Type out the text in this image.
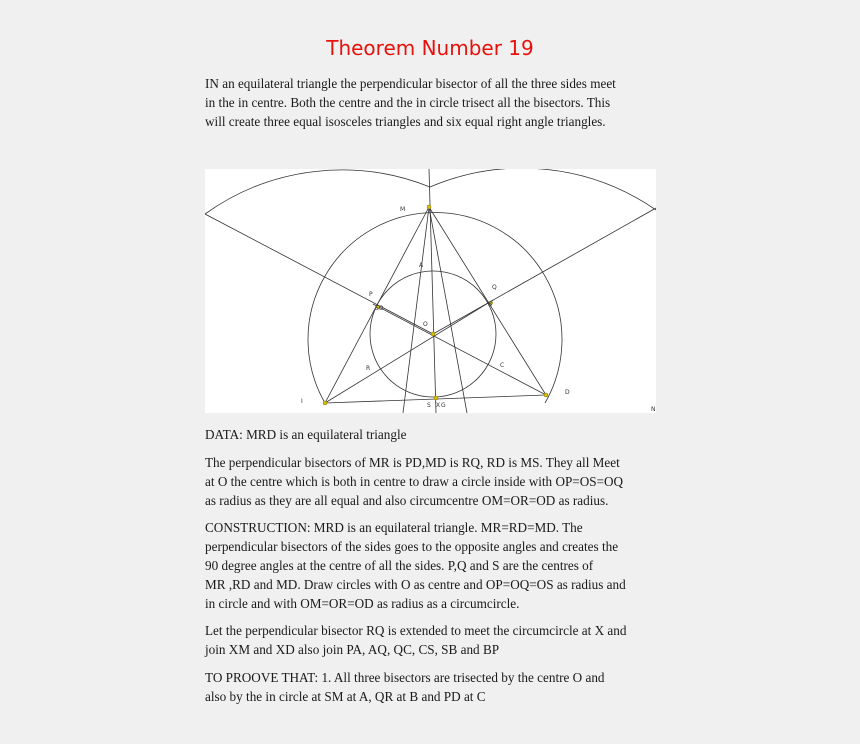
Theorem Number 19

IN an equilateral triangle the perpendicular bisector of all the three sides meet
in the in centre. Both the centre and the in circle trisect all the bisectors. This
will create three equal isosceles triangles and six equal right angle triangles.

M
A
Q
B
P
SO
O
R	C
D
S X G
I
N

DATA: MRD is an equilateral triangle

The perpendicular bisectors of MR is PD,MD is RQ, RD is MS. They all Meet
at O the centre which is both in centre to draw a circle inside with OP=OS=OQ
as radius as they are all equal and also circumcentre OM=OR=OD as radius.

CONSTRUCTION: MRD is an equilateral triangle. MR=RD=MD. The
perpendicular bisectors of the sides goes to the opposite angles and creates the
90 degree angles at the centre of all the sides. P,Q and S are the centres of
MR ,RD and MD. Draw circles with O as centre and OP=OQ=OS as radius and
in circle and with OM=OR=OD as radius as a circumcircle.

Let the perpendicular bisector RQ is extended to meet the circumcircle at X and
join XM and XD also join PA, AQ, QC, CS, SB and BP

TO PROOVE THAT: 1. All three bisectors are trisected by the centre O and
also by the in circle at SM at A, QR at B and PD at C
